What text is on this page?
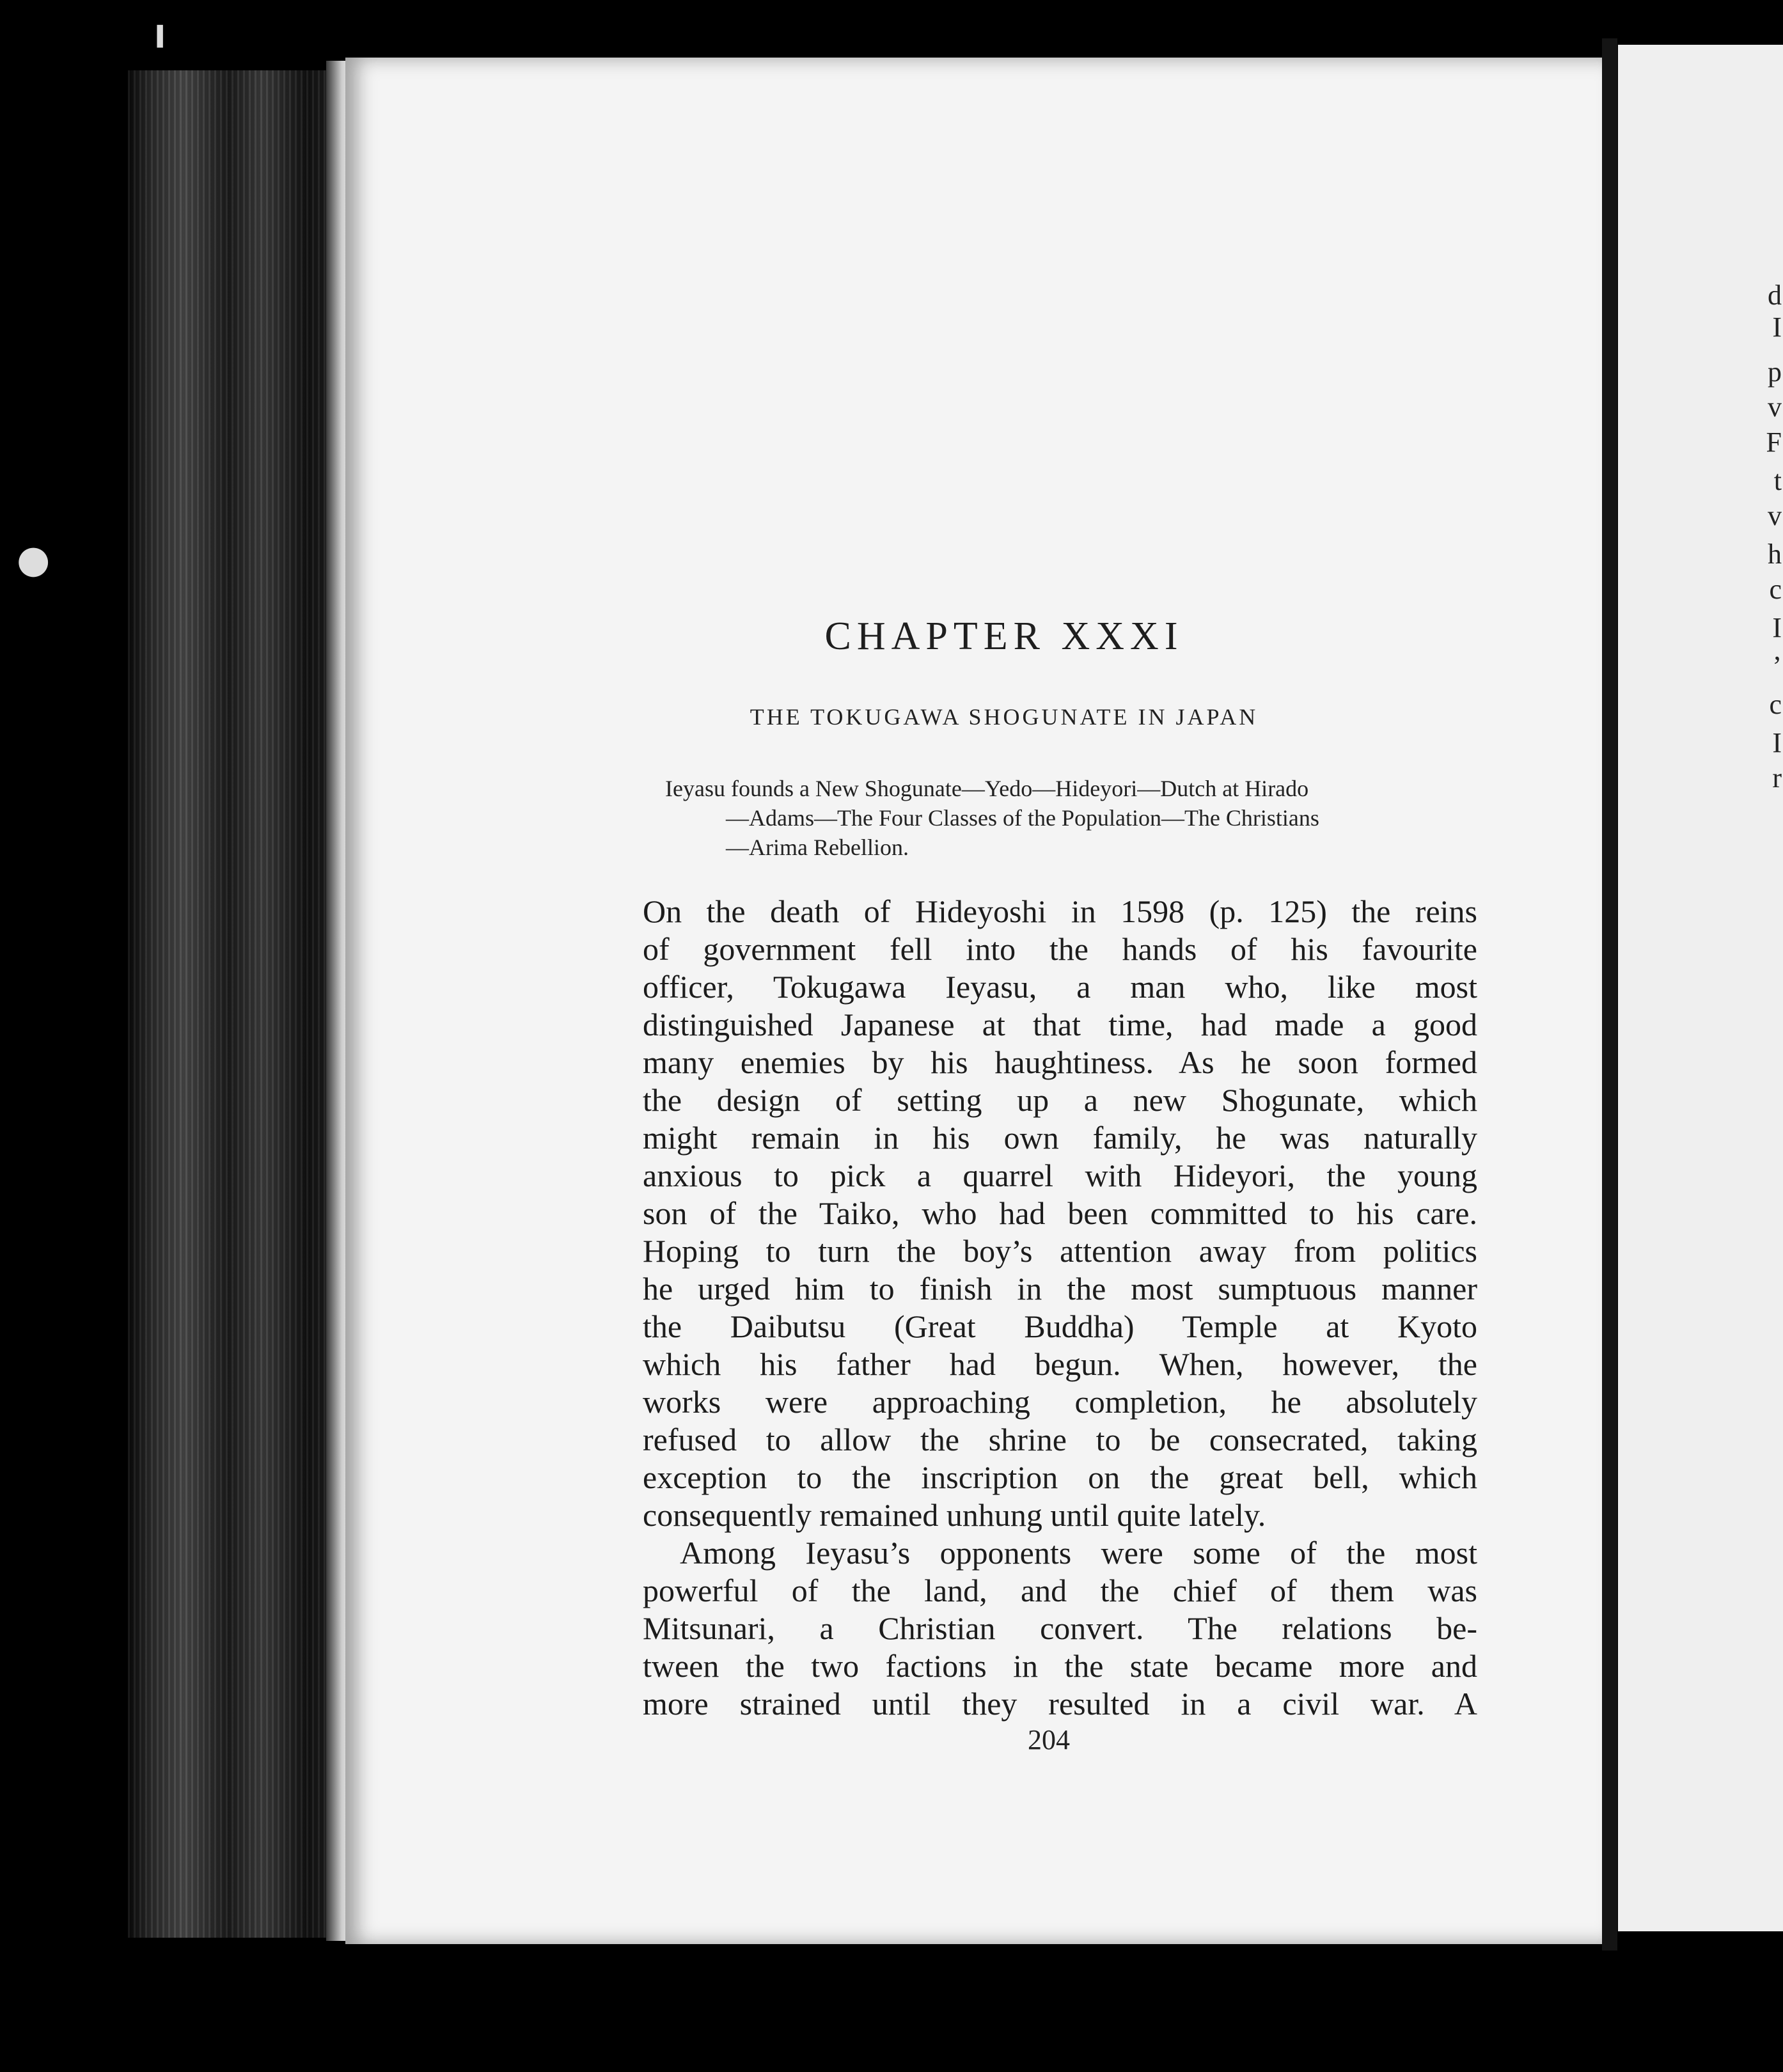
╹
●
d
I
p
v
F
t
v
h
c
I
’
c
I
r
CHAPTER XXXI
THE TOKUGAWA SHOGUNATE IN JAPAN
Ieyasu founds a New Shogunate—Yedo—Hideyori—Dutch at Hirado
—Adams—The Four Classes of the Population—The Christians
—Arima Rebellion.
On the death of Hideyoshi in 1598 (p. 125) the reins
of government fell into the hands of his favourite
officer, Tokugawa Ieyasu, a man who, like most
distinguished Japanese at that time, had made a good
many enemies by his haughtiness. As he soon formed
the design of setting up a new Shogunate, which
might remain in his own family, he was naturally
anxious to pick a quarrel with Hideyori, the young
son of the Taiko, who had been committed to his care.
Hoping to turn the boy’s attention away from politics
he urged him to finish in the most sumptuous manner
the Daibutsu (Great Buddha) Temple at Kyoto
which his father had begun. When, however, the
works were approaching completion, he absolutely
refused to allow the shrine to be consecrated, taking
exception to the inscription on the great bell, which
consequently remained unhung until quite lately.
Among Ieyasu’s opponents were some of the most
powerful of the land, and the chief of them was
Mitsunari, a Christian convert. The relations be-
tween the two factions in the state became more and
more strained until they resulted in a civil war. A
204
